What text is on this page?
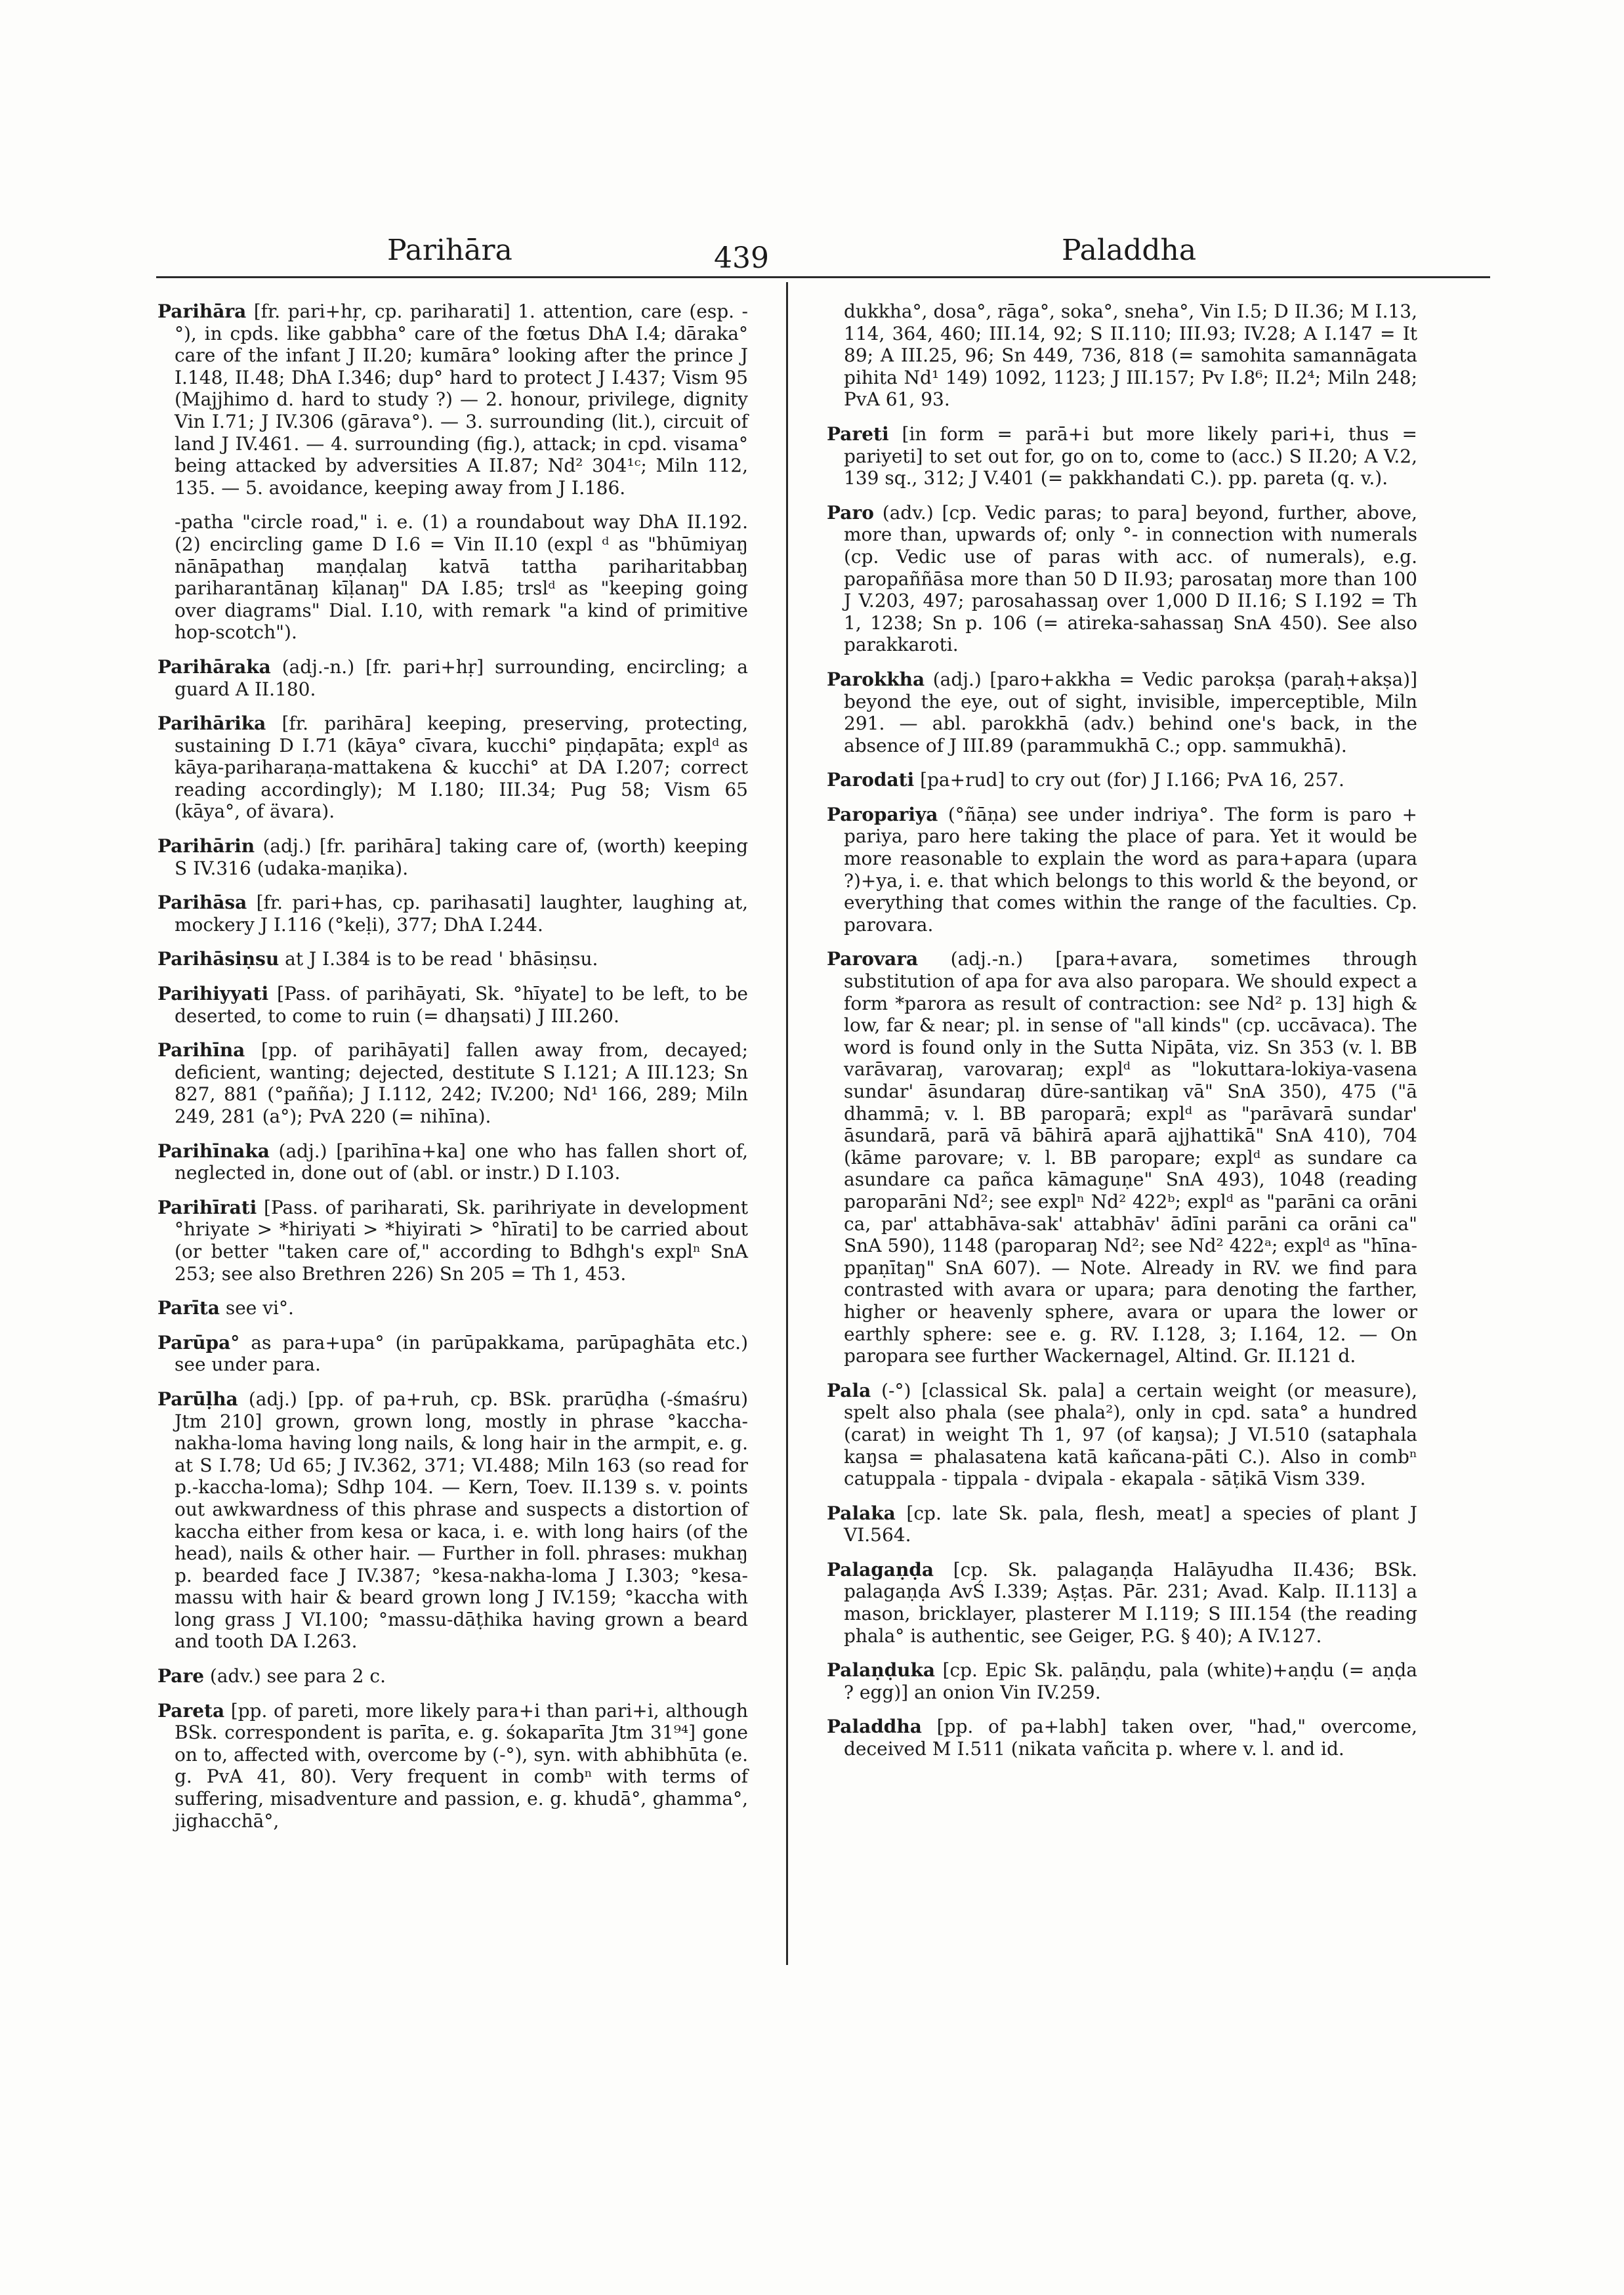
Parihāra	439	Paladdha

Parihāra [fr. pari+hṛ, cp. pariharati] 1. attention, care (esp. -°), in cpds. like gabbha° care of the fœtus DhA I.4; dāraka° care of the infant J II.20; kumāra° looking after the prince J I.148, II.48; DhA I.346; dup° hard to protect J I.437; Vism 95 (Majjhimo d. hard to study ?) — 2. honour, privilege, dignity Vin I.71; J IV.306 (gārava°). — 3. surrounding (lit.), circuit of land J IV.461. — 4. surrounding (fig.), attack; in cpd. visama° being attacked by adversities A II.87; Nd² 304¹ᶜ; Miln 112, 135. — 5. avoidance, keeping away from J I.186.

-patha "circle road," i. e. (1) a roundabout way DhA II.192. (2) encircling game D I.6 = Vin II.10 (expl ᵈ as "bhūmiyaŋ nānāpathaŋ maṇḍalaŋ katvā tattha pariharitabbaŋ pariharantānaŋ kīḷanaŋ" DA I.85; trslᵈ as "keeping going over diagrams" Dial. I.10, with remark "a kind of primitive hop-scotch").

Parihāraka (adj.-n.) [fr. pari+hṛ] surrounding, encircling; a guard A II.180.

Parihārika [fr. parihāra] keeping, preserving, protecting, sustaining D I.71 (kāya° cīvara, kucchi° piṇḍapāta; explᵈ as kāya-pariharaṇa-mattakena & kucchi° at DA I.207; correct reading accordingly); M I.180; III.34; Pug 58; Vism 65 (kāya°, of ävara).

Parihārin (adj.) [fr. parihāra] taking care of, (worth) keeping S IV.316 (udaka-maṇika).

Parihāsa [fr. pari+has, cp. parihasati] laughter, laughing at, mockery J I.116 (°keḷi), 377; DhA I.244.

Parihāsiṇsu at J I.384 is to be read ' bhāsiṇsu.

Parihiyyati [Pass. of parihāyati, Sk. °hīyate] to be left, to be deserted, to come to ruin (= dhaŋsati) J III.260.

Parihīna [pp. of parihāyati] fallen away from, decayed; deficient, wanting; dejected, destitute S I.121; A III.123; Sn 827, 881 (°pañña); J I.112, 242; IV.200; Nd¹ 166, 289; Miln 249, 281 (a°); PvA 220 (= nihīna).

Parihīnaka (adj.) [parihīna+ka] one who has fallen short of, neglected in, done out of (abl. or instr.) D I.103.

Parihīrati [Pass. of pariharati, Sk. parihriyate in development °hriyate > *hiriyati > *hiyirati > °hīrati] to be carried about (or better "taken care of," according to Bdhgh's explⁿ SnA 253; see also Brethren 226) Sn 205 = Th 1, 453.

Parīta see vi°.

Parūpa° as para+upa° (in parūpakkama, parūpaghāta etc.) see under para.

Parūḷha (adj.) [pp. of pa+ruh, cp. BSk. prarūḍha (-śmaśru) Jtm 210] grown, grown long, mostly in phrase °kaccha-nakha-loma having long nails, & long hair in the armpit, e. g. at S I.78; Ud 65; J IV.362, 371; VI.488; Miln 163 (so read for p.-kaccha-loma); Sdhp 104. — Kern, Toev. II.139 s. v. points out awkwardness of this phrase and suspects a distortion of kaccha either from kesa or kaca, i. e. with long hairs (of the head), nails & other hair. — Further in foll. phrases: mukhaŋ p. bearded face J IV.387; °kesa-nakha-loma J I.303; °kesa-massu with hair & beard grown long J IV.159; °kaccha with long grass J VI.100; °massu-dāṭhika having grown a beard and tooth DA I.263.

Pare (adv.) see para 2 c.

Pareta [pp. of pareti, more likely para+i than pari+i, although BSk. correspondent is parīta, e. g. śokaparīta Jtm 31⁹⁴] gone on to, affected with, overcome by (-°), syn. with abhibhūta (e. g. PvA 41, 80). Very frequent in combⁿ with terms of suffering, misadventure and passion, e. g. khudā°, ghamma°, jighacchā°,

dukkha°, dosa°, rāga°, soka°, sneha°, Vin I.5; D II.36; M I.13, 114, 364, 460; III.14, 92; S II.110; III.93; IV.28; A I.147 = It 89; A III.25, 96; Sn 449, 736, 818 (= samohita samannāgata pihita Nd¹ 149) 1092, 1123; J III.157; Pv I.8⁶; II.2⁴; Miln 248; PvA 61, 93.

Pareti [in form = parā+i but more likely pari+i, thus = pariyeti] to set out for, go on to, come to (acc.) S II.20; A V.2, 139 sq., 312; J V.401 (= pakkhandati C.). pp. pareta (q. v.).

Paro (adv.) [cp. Vedic paras; to para] beyond, further, above, more than, upwards of; only °- in connection with numerals (cp. Vedic use of paras with acc. of numerals), e.g. paropaññāsa more than 50 D II.93; parosataŋ more than 100 J V.203, 497; parosahassaŋ over 1,000 D II.16; S I.192 = Th 1, 1238; Sn p. 106 (= atireka-sahassaŋ SnA 450). See also parakkaroti.

Parokkha (adj.) [paro+akkha = Vedic parokṣa (paraḥ+akṣa)] beyond the eye, out of sight, invisible, imperceptible, Miln 291. — abl. parokkhā (adv.) behind one's back, in the absence of J III.89 (parammukhā C.; opp. sammukhā).

Parodati [pa+rud] to cry out (for) J I.166; PvA 16, 257.

Paropariya (°ñāṇa) see under indriya°. The form is paro + pariya, paro here taking the place of para. Yet it would be more reasonable to explain the word as para+apara (upara ?)+ya, i. e. that which belongs to this world & the beyond, or everything that comes within the range of the faculties. Cp. parovara.

Parovara (adj.-n.) [para+avara, sometimes through substitution of apa for ava also paropara. We should expect a form *parora as result of contraction: see Nd² p. 13] high & low, far & near; pl. in sense of "all kinds" (cp. uccāvaca). The word is found only in the Sutta Nipāta, viz. Sn 353 (v. l. BB varāvaraŋ, varovaraŋ; explᵈ as "lokuttara-lokiya-vasena sundar' āsundaraŋ dūre-santikaŋ vā" SnA 350), 475 ("ā dhammā; v. l. BB paroparā; explᵈ as "parāvarā sundar' āsundarā, parā vā bāhirā aparā ajjhattikā" SnA 410), 704 (kāme parovare; v. l. BB paropare; explᵈ as sundare ca asundare ca pañca kāmaguṇe" SnA 493), 1048 (reading paroparāni Nd²; see explⁿ Nd² 422ᵇ; explᵈ as "parāni ca orāni ca, par' attabhāva-sak' attabhāv' ādīni parāni ca orāni ca" SnA 590), 1148 (paroparaŋ Nd²; see Nd² 422ᵃ; explᵈ as "hīna-ppaṇītaŋ" SnA 607). — Note. Already in RV. we find para contrasted with avara or upara; para denoting the farther, higher or heavenly sphere, avara or upara the lower or earthly sphere: see e. g. RV. I.128, 3; I.164, 12. — On paropara see further Wackernagel, Altind. Gr. II.121 d.

Pala (-°) [classical Sk. pala] a certain weight (or measure), spelt also phala (see phala²), only in cpd. sata° a hundred (carat) in weight Th 1, 97 (of kaŋsa); J VI.510 (sataphala kaŋsa = phalasatena katā kañcana-pāti C.). Also in combⁿ catuppala - tippala - dvipala - ekapala - sāṭikā Vism 339.

Palaka [cp. late Sk. pala, flesh, meat] a species of plant J VI.564.

Palagaṇḍa [cp. Sk. palagaṇḍa Halāyudha II.436; BSk. palagaṇḍa AvŚ I.339; Aṣṭas. Pār. 231; Avad. Kalp. II.113] a mason, bricklayer, plasterer M I.119; S III.154 (the reading phala° is authentic, see Geiger, P.G. § 40); A IV.127.

Palaṇḍuka [cp. Epic Sk. palāṇḍu, pala (white)+aṇḍu (= aṇḍa ? egg)] an onion Vin IV.259.

Paladdha [pp. of pa+labh] taken over, "had," overcome, deceived M I.511 (nikata vañcita p. where v. l. and id.
